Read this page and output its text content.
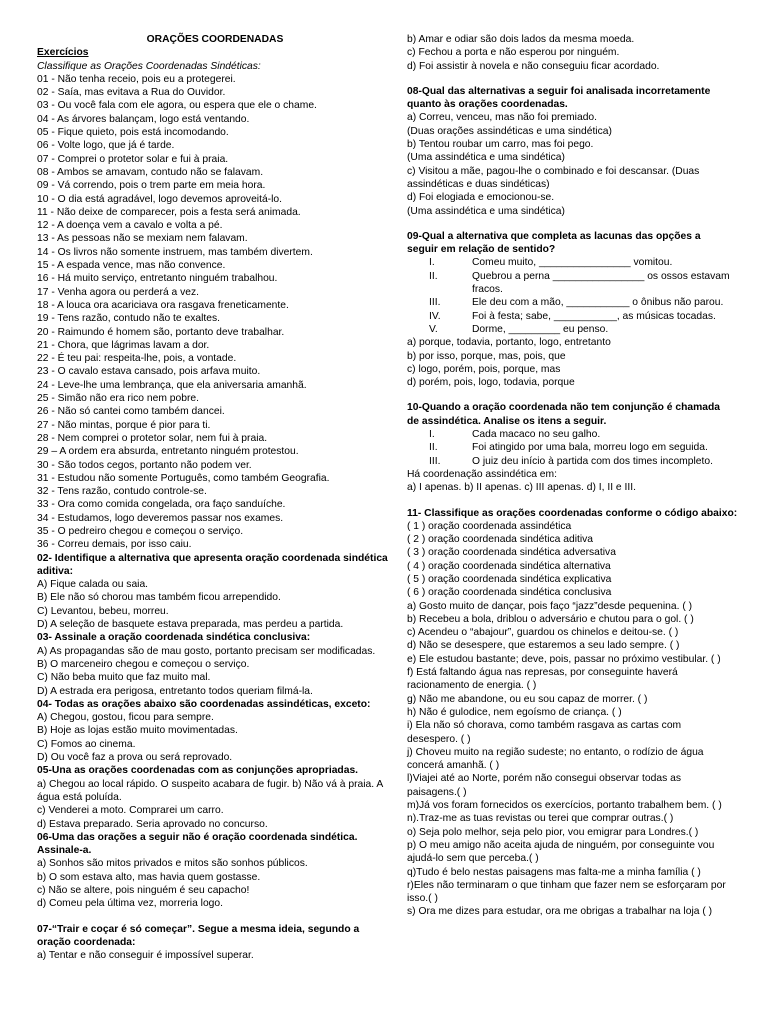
ORAÇÕES COORDENADAS
Exercícios
Classifique as Orações Coordenadas Sindéticas:
01 - Não tenha receio, pois eu a protegerei.
02 - Saía, mas evitava a Rua do Ouvidor.
03 - Ou você fala com ele agora, ou espera que ele o chame.
04 - As árvores balançam, logo está ventando.
05 - Fique quieto, pois está incomodando.
06 - Volte logo, que já é tarde.
07 - Comprei o protetor solar e fui à praia.
08 - Ambos se amavam, contudo não se falavam.
09 - Vá correndo, pois o trem parte em meia hora.
10 - O dia está agradável, logo devemos aproveitá-lo.
11 - Não deixe de comparecer, pois a festa será animada.
12 - A doença vem a cavalo e volta a pé.
13 - As pessoas não se mexiam nem falavam.
14 - Os livros não somente instruem, mas também divertem.
15 - A espada vence, mas não convence.
16 - Há muito serviço, entretanto ninguém trabalhou.
17 - Venha agora ou perderá a vez.
18 - A louca ora acariciava ora rasgava freneticamente.
19 - Tens razão, contudo não te exaltes.
20 - Raimundo é homem são, portanto deve trabalhar.
21 - Chora, que lágrimas lavam a dor.
22 - É teu pai: respeita-lhe, pois, a vontade.
23 - O cavalo estava cansado, pois arfava muito.
24 - Leve-lhe uma lembrança, que ela aniversaria amanhã.
25 - Simão não era rico nem pobre.
26 - Não só cantei como também dancei.
27 - Não mintas, porque é pior para ti.
28 - Nem comprei o protetor solar, nem fui à praia.
29 – A ordem era absurda, entretanto ninguém protestou.
30 - São todos cegos, portanto não podem ver.
31 - Estudou não somente Português, como também Geografia.
32 - Tens razão, contudo controle-se.
33 - Ora como comida congelada, ora faço sanduíche.
34 - Estudamos, logo deveremos passar nos exames.
35 - O pedreiro chegou e começou o serviço.
36 - Correu demais, por isso caiu.
02- Identifique a alternativa que apresenta oração coordenada sindética aditiva:
A) Fique calada ou saia.
B) Ele não só chorou mas também ficou arrependido.
C) Levantou, bebeu, morreu.
D) A seleção de basquete estava preparada, mas perdeu a partida.
03- Assinale a oração coordenada sindética conclusiva:
A) As propagandas são de mau gosto, portanto precisam ser modificadas.
B) O marceneiro chegou e começou o serviço.
C) Não beba muito que faz muito mal.
D) A estrada era perigosa, entretanto todos queriam filmá-la.
04- Todas as orações abaixo são coordenadas assindéticas, exceto:
A) Chegou, gostou, ficou para sempre.
B) Hoje as lojas estão muito movimentadas.
C) Fomos ao cinema.
D) Ou você faz a prova ou será reprovado.
05-Una as orações coordenadas com as conjunções apropriadas.
a) Chegou ao local rápido. O suspeito acabara de fugir. b) Não vá à praia. A água está poluída.
c) Venderei a moto. Comprarei um carro.
d) Estava preparado. Seria aprovado no concurso.
06-Uma das orações a seguir não é oração coordenada sindética. Assinale-a.
a) Sonhos são mitos privados e mitos são sonhos públicos.
b) O som estava alto, mas havia quem gostasse.
c) Não se altere, pois ninguém é seu capacho!
d) Comeu pela última vez, morreria logo.
07-“Trair e coçar é só começar”. Segue a mesma ideia, segundo a oração coordenada:
a) Tentar e não conseguir é impossível superar.
b) Amar e odiar são dois lados da mesma moeda.
c) Fechou a porta e não esperou por ninguém.
d) Foi assistir à novela e não conseguiu ficar acordado.
08-Qual das alternativas a seguir foi analisada incorretamente quanto às orações coordenadas.
a) Correu, venceu, mas não foi premiado.
(Duas orações assindéticas e uma sindética)
b) Tentou roubar um carro, mas foi pego.
(Uma assindética e uma sindética)
c) Visitou a mãe, pagou-lhe o combinado e foi descansar. (Duas assindéticas e duas sindéticas)
d) Foi elogiada e emocionou-se.
(Uma assindética e uma sindética)
09-Qual a alternativa que completa as lacunas das opções a seguir em relação de sentido?
I.	Comeu muito, ________________ vomitou.
II.	Quebrou a perna ________________ os ossos estavam
fracos.
III.	Ele deu com a mão, ___________ o ônibus não parou.
IV.	Foi à festa; sabe, ___________, as músicas tocadas.
V.	Dorme, _________ eu penso.
a) porque, todavia, portanto, logo, entretanto
b) por isso, porque, mas, pois, que
c) logo, porém, pois, porque, mas
d) porém, pois, logo, todavia, porque
10-Quando a oração coordenada não tem conjunção é chamada de assindética. Analise os itens a seguir.
I.	Cada macaco no seu galho.
II.	Foi atingido por uma bala, morreu logo em seguida.
III.	O juiz deu início à partida com dos times incompleto.
Há coordenação assindética em:
a) I apenas. b) II apenas. c) III apenas. d) I, II e III.
11- Classifique as orações coordenadas conforme o código abaixo:
( 1 ) oração coordenada assindética
( 2 ) oração coordenada sindética aditiva
( 3 ) oração coordenada sindética adversativa
( 4 ) oração coordenada sindética alternativa
( 5 ) oração coordenada sindética explicativa
( 6 ) oração coordenada sindética conclusiva
a) Gosto muito de dançar, pois faço “jazz”desde pequenina. ( )
b) Recebeu a bola, driblou o adversário e chutou para o gol. ( )
c) Acendeu o “abajour”, guardou os chinelos e deitou-se. ( )
d) Não se desespere, que estaremos a seu lado sempre. ( )
e) Ele estudou bastante; deve, pois, passar no próximo vestibular. ( )
f) Está faltando água nas represas, por conseguinte haverá racionamento de energia. ( )
g) Não me abandone, ou eu sou capaz de morrer. ( )
h) Não é gulodice, nem egoísmo de criança. ( )
i) Ela não só chorava, como também rasgava as cartas com desespero. ( )
j) Choveu muito na região sudeste; no entanto, o rodízio de água concerá amanhã. ( )
l)Viajei até ao Norte, porém não consegui observar todas as paisagens.( )
m)Já vos foram fornecidos os exercícios, portanto trabalhem bem. ( )
n).Traz-me as tuas revistas ou terei que comprar outras.( )
o) Seja polo melhor, seja pelo pior, vou emigrar para Londres.( )
p) O meu amigo não aceita ajuda de ninguém, por conseguinte vou ajudá-lo sem que perceba.( )
q)Tudo é belo nestas paisagens mas falta-me a minha família ( )
r)Eles não terminaram o que tinham que fazer nem se esforçaram por isso.( )
s) Ora me dizes para estudar, ora me obrigas a trabalhar na loja ( )
